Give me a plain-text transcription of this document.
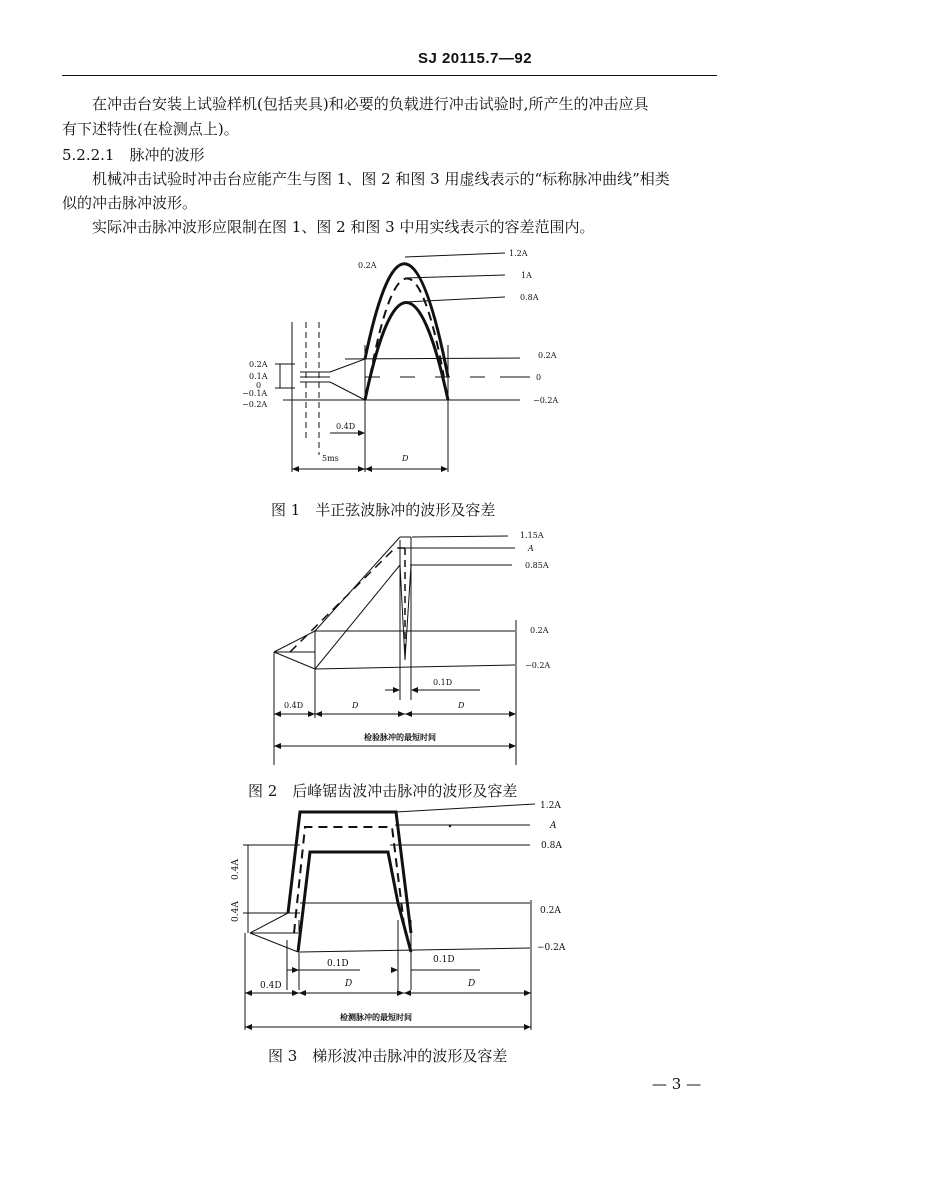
SJ 20115.7—92
在冲击台安装上试验样机(包括夹具)和必要的负载进行冲击试验时,所产生的冲击应具
有下述特性(在检测点上)。
5.2.2.1　脉冲的波形
机械冲击试验时冲击台应能产生与图 1、图 2 和图 3 用虚线表示的“标称脉冲曲线”相类
似的冲击脉冲波形。
实际冲击脉冲波形应限制在图 1、图 2 和图 3 中用实线表示的容差范围内。
1.2A
1A
0.8A
0.2A
0
−0.2A
0.2A
0.1A
0
−0.1A
−0.2A
0.2A
0.4D
5ms	D
图 1　半正弦波脉冲的波形及容差
1.15A
A
0.85A
0.2A
−0.2A
0.1D
0.4D	D	D
检验脉冲的最短时间
图 2　后峰锯齿波冲击脉冲的波形及容差
1.2A
A
0.8A
0.2A
−0.2A
0.4A
0.4A
0.1D	0.1D
0.4D	D	D
检测脉冲的最短时间
图 3　梯形波冲击脉冲的波形及容差
— 3 —
